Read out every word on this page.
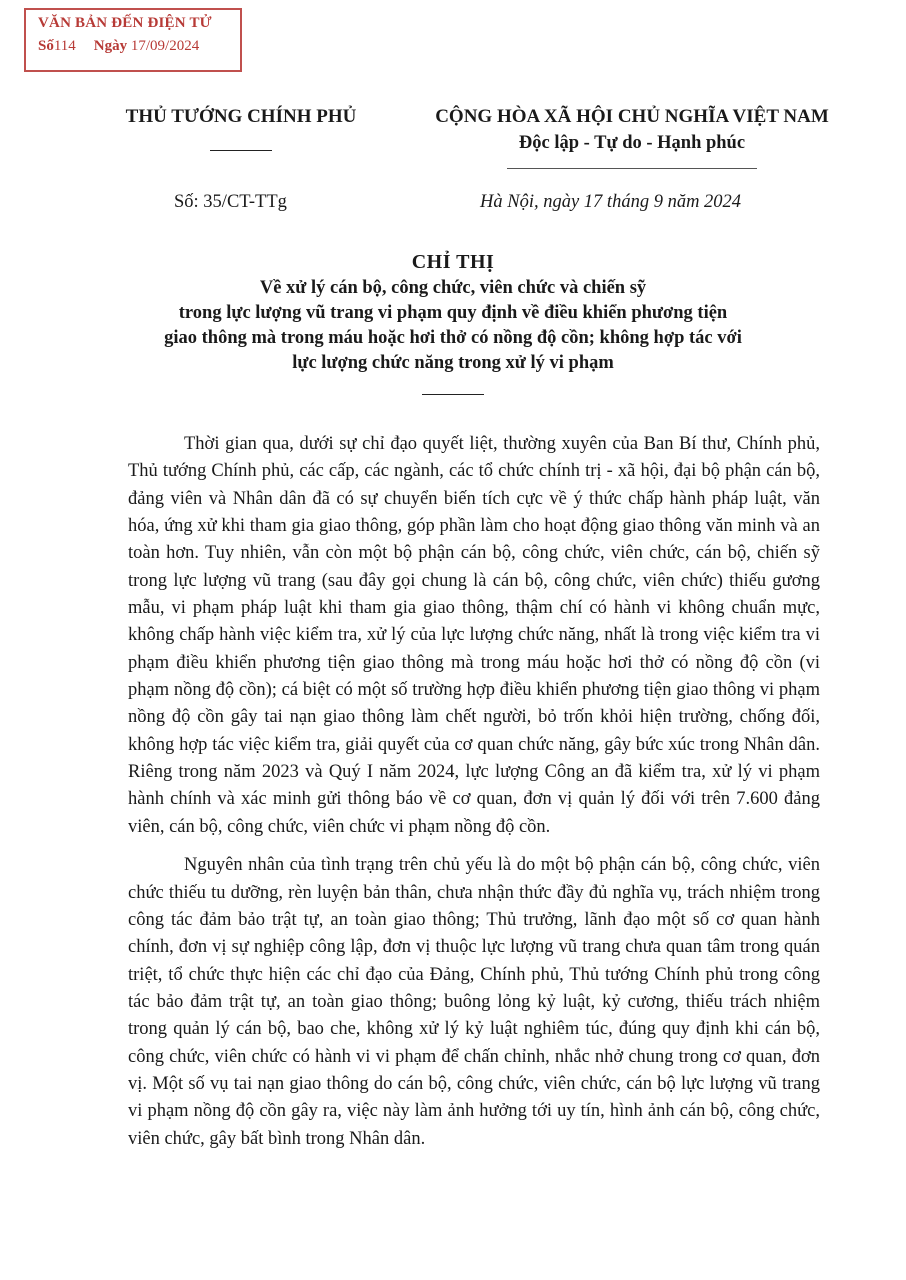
VĂN BẢN ĐẾN ĐIỆN TỬ
Số114 Ngày 17/09/2024
THỦ TƯỚNG CHÍNH PHỦ	CỘNG HÒA XÃ HỘI CHỦ NGHĨA VIỆT NAM
Độc lập - Tự do - Hạnh phúc
Số: 35/CT-TTg	Hà Nội, ngày 17 tháng 9 năm 2024
CHỈ THỊ
Về xử lý cán bộ, công chức, viên chức và chiến sỹ
trong lực lượng vũ trang vi phạm quy định về điều khiển phương tiện
giao thông mà trong máu hoặc hơi thở có nồng độ cồn; không hợp tác với
lực lượng chức năng trong xử lý vi phạm

Thời gian qua, dưới sự chỉ đạo quyết liệt, thường xuyên của Ban Bí thư, Chính phủ, Thủ tướng Chính phủ, các cấp, các ngành, các tổ chức chính trị - xã hội, đại bộ phận cán bộ, đảng viên và Nhân dân đã có sự chuyển biến tích cực về ý thức chấp hành pháp luật, văn hóa, ứng xử khi tham gia giao thông, góp phần làm cho hoạt động giao thông văn minh và an toàn hơn. Tuy nhiên, vẫn còn một bộ phận cán bộ, công chức, viên chức, cán bộ, chiến sỹ trong lực lượng vũ trang (sau đây gọi chung là cán bộ, công chức, viên chức) thiếu gương mẫu, vi phạm pháp luật khi tham gia giao thông, thậm chí có hành vi không chuẩn mực, không chấp hành việc kiểm tra, xử lý của lực lượng chức năng, nhất là trong việc kiểm tra vi phạm điều khiển phương tiện giao thông mà trong máu hoặc hơi thở có nồng độ cồn (vi phạm nồng độ cồn); cá biệt có một số trường hợp điều khiển phương tiện giao thông vi phạm nồng độ cồn gây tai nạn giao thông làm chết người, bỏ trốn khỏi hiện trường, chống đối, không hợp tác việc kiểm tra, giải quyết của cơ quan chức năng, gây bức xúc trong Nhân dân. Riêng trong năm 2023 và Quý I năm 2024, lực lượng Công an đã kiểm tra, xử lý vi phạm hành chính và xác minh gửi thông báo về cơ quan, đơn vị quản lý đối với trên 7.600 đảng viên, cán bộ, công chức, viên chức vi phạm nồng độ cồn.

Nguyên nhân của tình trạng trên chủ yếu là do một bộ phận cán bộ, công chức, viên chức thiếu tu dưỡng, rèn luyện bản thân, chưa nhận thức đầy đủ nghĩa vụ, trách nhiệm trong công tác đảm bảo trật tự, an toàn giao thông; Thủ trưởng, lãnh đạo một số cơ quan hành chính, đơn vị sự nghiệp công lập, đơn vị thuộc lực lượng vũ trang chưa quan tâm trong quán triệt, tổ chức thực hiện các chỉ đạo của Đảng, Chính phủ, Thủ tướng Chính phủ trong công tác bảo đảm trật tự, an toàn giao thông; buông lỏng kỷ luật, kỷ cương, thiếu trách nhiệm trong quản lý cán bộ, bao che, không xử lý kỷ luật nghiêm túc, đúng quy định khi cán bộ, công chức, viên chức có hành vi vi phạm để chấn chỉnh, nhắc nhở chung trong cơ quan, đơn vị. Một số vụ tai nạn giao thông do cán bộ, công chức, viên chức, cán bộ lực lượng vũ trang vi phạm nồng độ cồn gây ra, việc này làm ảnh hưởng tới uy tín, hình ảnh cán bộ, công chức, viên chức, gây bất bình trong Nhân dân.
